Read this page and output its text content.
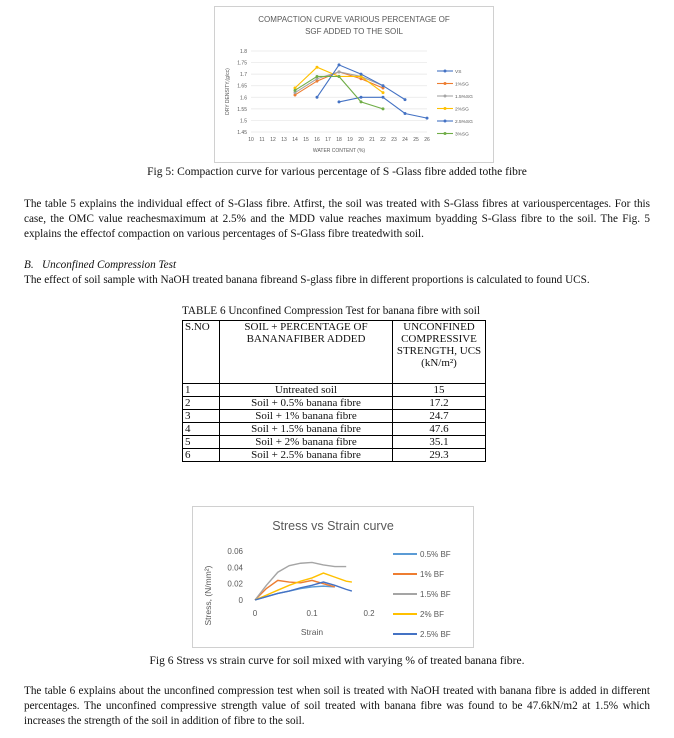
COMPACTION CURVE VARIOUS PERCENTAGE OF
SGF ADDED TO THE SOIL
1.8
1.75
1.7
1.65
1.6
1.55
1.5
1.45
10 11 12 13 14 15 16 17 18 19 20 21 22 23 24 25 26
WATER CONTENT (%)
DRY DENSITY,(g/cc)	VS
1%SG
1.5%SG
2%SG
2.5%SG
3%SG
Fig 5: Compaction curve for various percentage of S -Glass fibre added tothe fibre
The table 5 explains the individual effect of S-Glass fibre. Atfirst, the soil was treated with S-Glass fibres at variouspercentages. For this case, the OMC value reachesmaximum at 2.5% and the MDD value reaches maximum byadding S-Glass fibre to the soil. The Fig. 5 explains the effectof compaction on various percentages of S-Glass fibre treatedwith soil.
B. Unconfined Compression Test
The effect of soil sample with NaOH treated banana fibreand S-glass fibre in different proportions is calculated to found UCS.
TABLE 6 Unconfined Compression Test for banana fibre with soil
S.NO	SOIL + PERCENTAGE OF BANANAFIBER ADDED	UNCONFINED COMPRESSIVE STRENGTH, UCS (kN/m²)
1	Untreated soil	15
2	Soil + 0.5% banana fibre	17.2
3	Soil + 1% banana fibre	24.7
4	Soil + 1.5% banana fibre	47.6
5	Soil + 2% banana fibre	35.1
6	Soil + 2.5% banana fibre	29.3
Stress vs Strain curve
0.06
0.04
0.02
0
0	0.1	0.2
Strain
Stress, (N/mm²)
0.5% BF
1% BF
1.5% BF
2% BF
2.5% BF
Fig 6 Stress vs strain curve for soil mixed with varying % of treated banana fibre.
The table 6 explains about the unconfined compression test when soil is treated with NaOH treated with banana fibre is added in different percentages. The unconfined compressive strength value of soil treated with banana fibre was found to be 47.6kN/m2 at 1.5% which increases the strength of the soil in addition of fibre to the soil.
